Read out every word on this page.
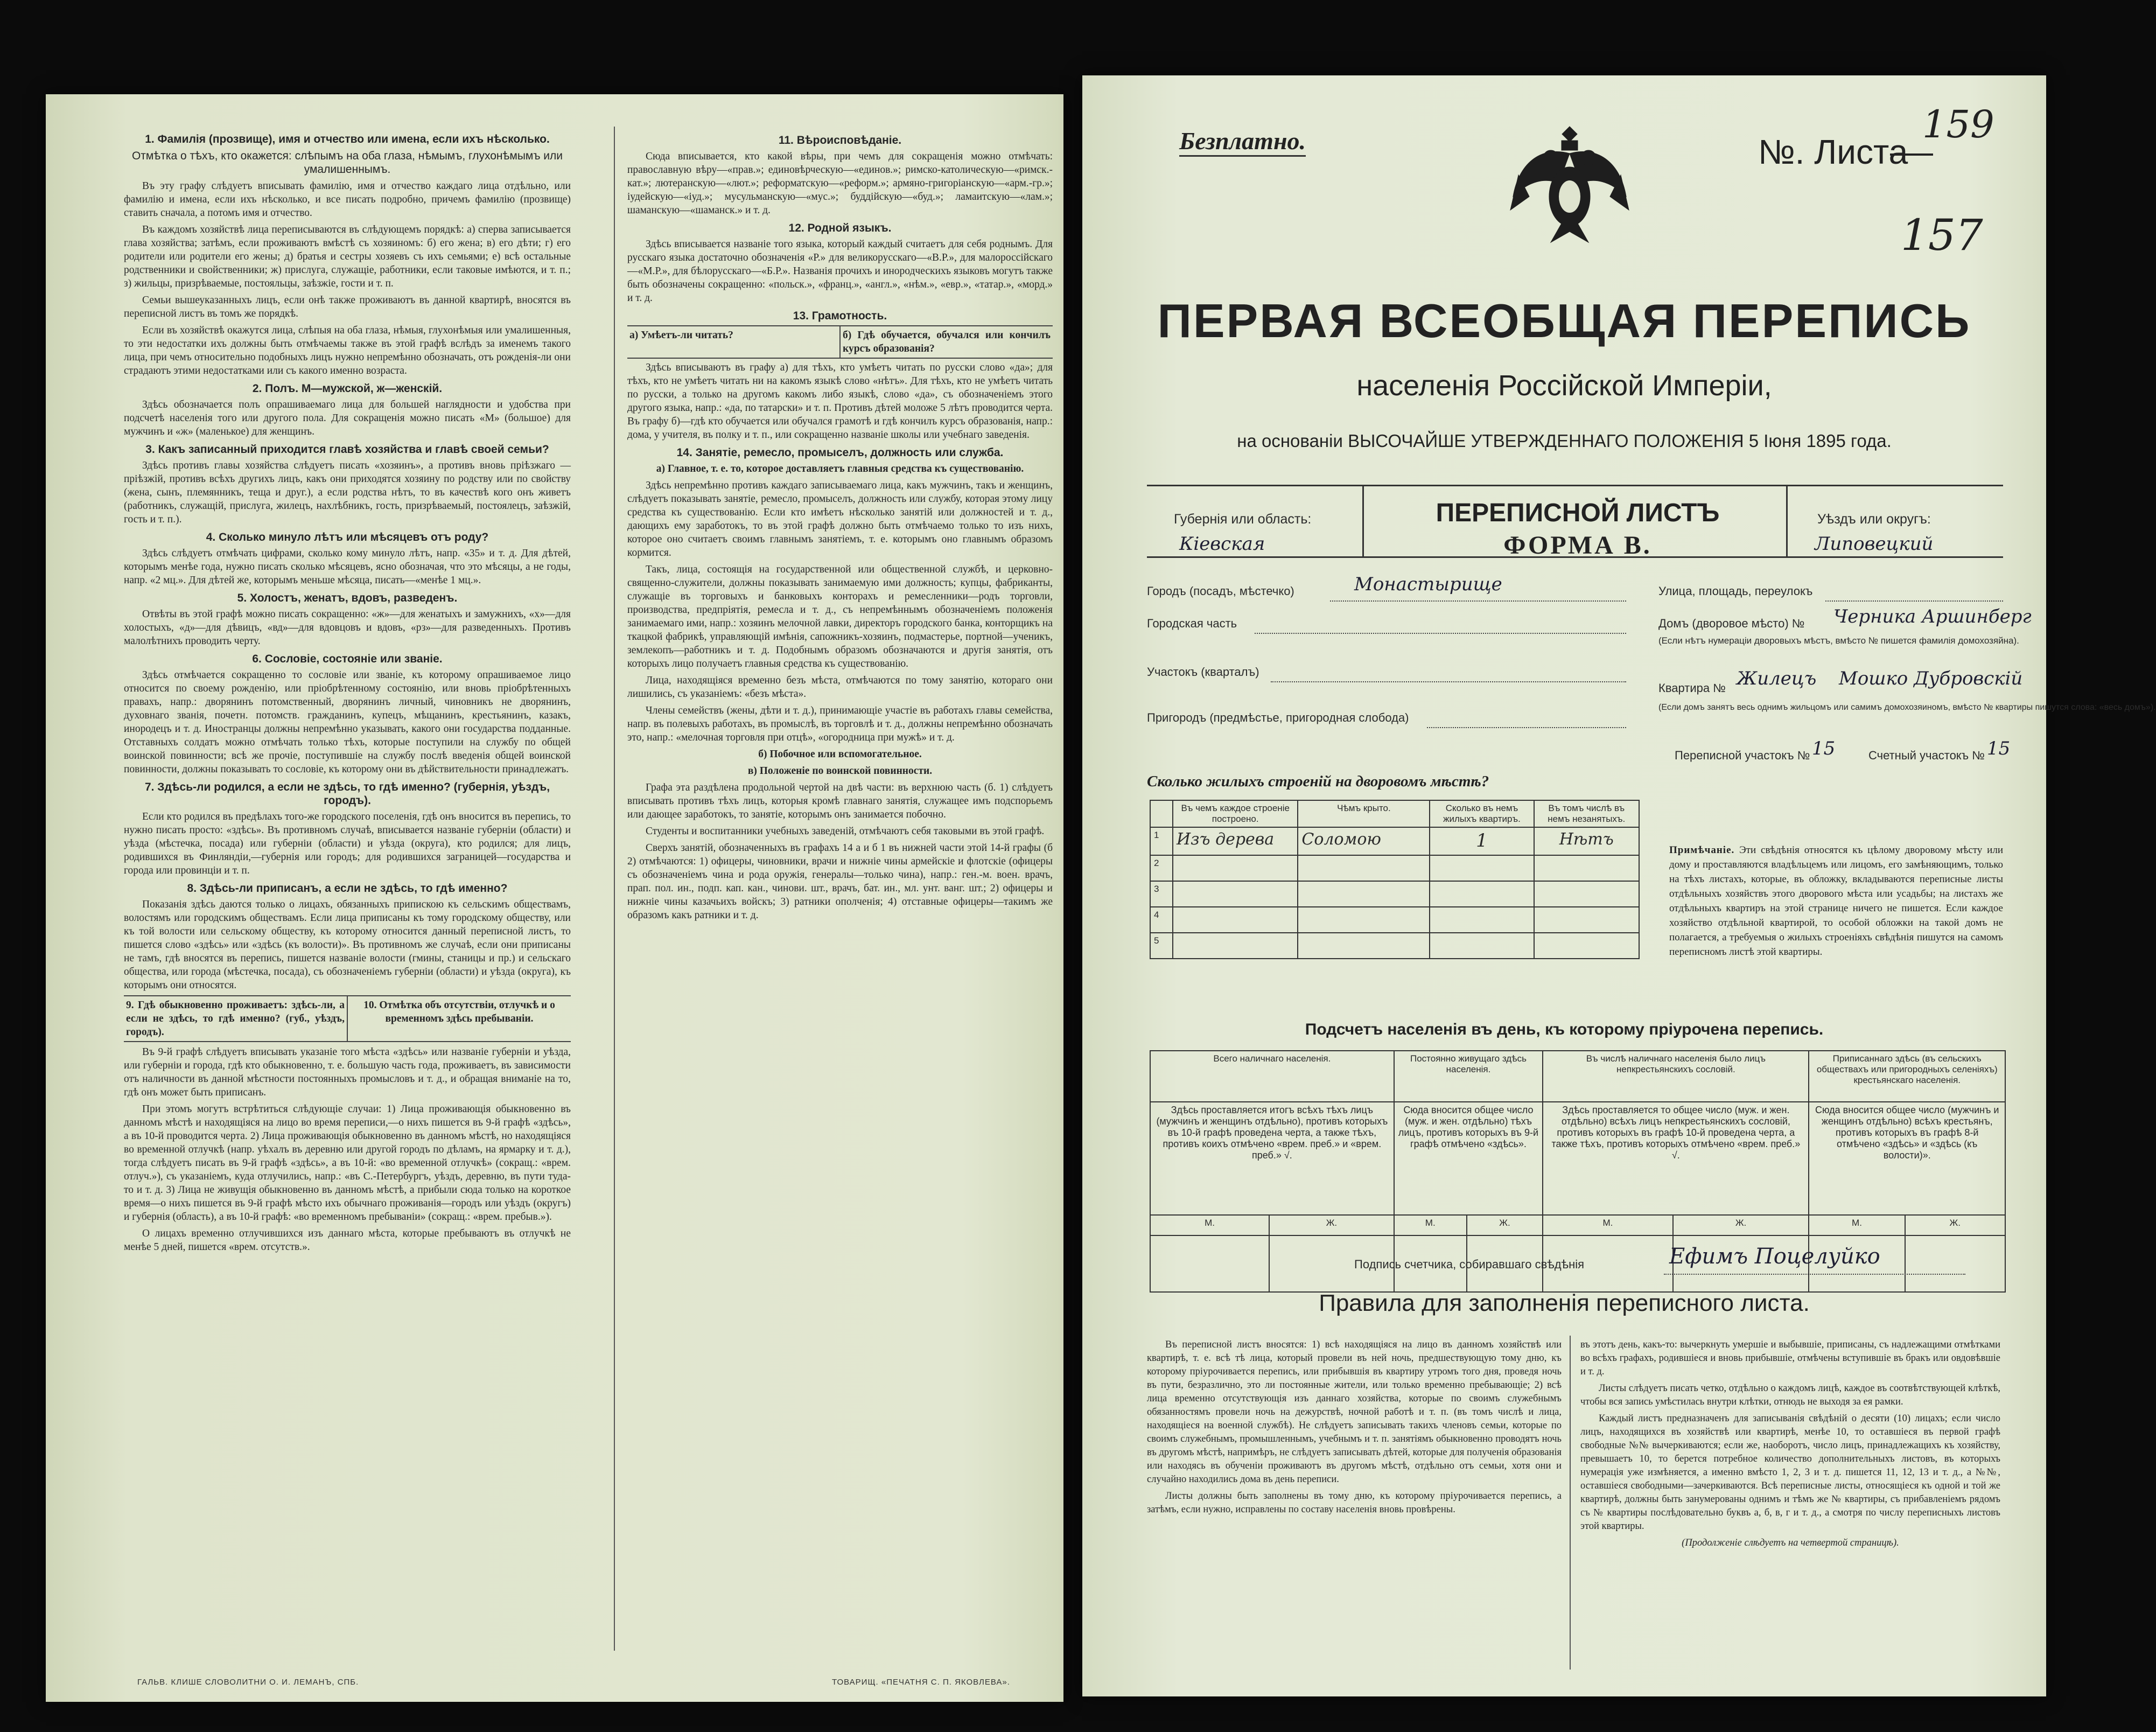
1. Фамилія (прозвище), имя и отчество или имена, если ихъ нѣсколько.
Отмѣтка о тѣхъ, кто окажется: слѣпымъ на оба глаза, нѣмымъ, глухонѣмымъ или умалишеннымъ.

Въ эту графу слѣдуетъ вписывать фамилію, имя и отчество каждаго лица отдѣльно, или фамилію и имена, если ихъ нѣсколько, и все писать подробно, причемъ фамилію (прозвище) ставить сначала, а потомъ имя и отчество.

Въ каждомъ хозяйствѣ лица переписываются въ слѣдующемъ порядкѣ: а) сперва записывается глава хозяйства; затѣмъ, если проживаютъ вмѣстѣ съ хозяиномъ: б) его жена; в) его дѣти; г) его родители или родители его жены; д) братья и сестры хозяевъ съ ихъ семьями; е) всѣ остальные родственники и свойственники; ж) прислуга, служащіе, работники, если таковые имѣются, и т. п.; з) жильцы, призрѣваемые, постояльцы, заѣзжіе, гости и т. п.

Семьи вышеуказанныхъ лицъ, если онѣ также проживаютъ въ данной квартирѣ, вносятся въ переписной листъ въ томъ же порядкѣ.

Если въ хозяйствѣ окажутся лица, слѣпыя на оба глаза, нѣмыя, глухонѣмыя или умалишенныя, то эти недостатки ихъ должны быть отмѣчаемы также въ этой графѣ вслѣдъ за именемъ такого лица, при чемъ относительно подобныхъ лицъ нужно непремѣнно обозначать, отъ рожденія-ли они страдаютъ этими недостатками или съ какого именно возраста.

2. Полъ. М—мужской, ж—женскій.

Здѣсь обозначается полъ опрашиваемаго лица для большей наглядности и удобства при подсчетѣ населенія того или другого пола. Для сокращенія можно писать «М» (большое) для мужчинъ и «ж» (маленькое) для женщинъ.

3. Какъ записанный приходится главѣ хозяйства и главѣ своей семьи?

Здѣсь противъ главы хозяйства слѣдуетъ писать «хозяинъ», а противъ вновь пріѣзжаго — пріѣзжій, противъ всѣхъ другихъ лицъ, какъ они приходятся хозяину по родству или по свойству (жена, сынъ, племянникъ, теща и друг.), а если родства нѣтъ, то въ качествѣ кого онъ живетъ (работникъ, служащій, прислуга, жилецъ, нахлѣбникъ, гость, призрѣваемый, постоялецъ, заѣзжій, гость и т. п.).

4. Сколько минуло лѣтъ или мѣсяцевъ отъ роду?

Здѣсь слѣдуетъ отмѣчать цифрами, сколько кому минуло лѣтъ, напр. «35» и т. д. Для дѣтей, которымъ менѣе года, нужно писать сколько мѣсяцевъ, ясно обозначая, что это мѣсяцы, а не годы, напр. «2 мц.». Для дѣтей же, которымъ меньше мѣсяца, писать—«менѣе 1 мц.».

5. Холостъ, женатъ, вдовъ, разведенъ.

Отвѣты въ этой графѣ можно писать сокращенно: «ж»—для женатыхъ и замужнихъ, «х»—для холостыхъ, «д»—для дѣвицъ, «вд»—для вдовцовъ и вдовъ, «рз»—для разведенныхъ. Противъ малолѣтнихъ проводить черту.

6. Сословіе, состояніе или званіе.

Здѣсь отмѣчается сокращенно то сословіе или званіе, къ которому опрашиваемое лицо относится по своему рожденію, или пріобрѣтенному состоянію, или вновь пріобрѣтенныхъ правахъ, напр.: дворянинъ потомственный, дворянинъ личный, чиновникъ не дворянинъ, духовнаго званія, почетн. потомств. гражданинъ, купецъ, мѣщанинъ, крестьянинъ, казакъ, инородецъ и т. д. Иностранцы должны непремѣнно указывать, какого они государства подданные. Отставныхъ солдатъ можно отмѣчать только тѣхъ, которые поступили на службу по общей воинской повинности; всѣ же прочіе, поступившіе на службу послѣ введенія общей воинской повинности, должны показывать то сословіе, къ которому они въ дѣйствительности принадлежатъ.

7. Здѣсь-ли родился, а если не здѣсь, то гдѣ именно? (губернія, уѣздъ, городъ).

Если кто родился въ предѣлахъ того-же городского поселенія, гдѣ онъ вносится въ перепись, то нужно писать просто: «здѣсь». Въ противномъ случаѣ, вписывается названіе губерніи (области) и уѣзда (мѣстечка, посада) или губерніи (области) и уѣзда (округа), кто родился; для лицъ, родившихся въ Финляндіи,—губернія или городъ; для родившихся заграницей—государства и города или провинціи и т. п.

8. Здѣсь-ли приписанъ, а если не здѣсь, то гдѣ именно?

Показанія здѣсь даются только о лицахъ, обязанныхъ припискою къ сельскимъ обществамъ, волостямъ или городскимъ обществамъ. Если лица приписаны къ тому городскому обществу, или къ той волости или сельскому обществу, къ которому относится данный переписной листъ, то пишется слово «здѣсь» или «здѣсь (къ волости)». Въ противномъ же случаѣ, если они приписаны не тамъ, гдѣ вносятся въ перепись, пишется названіе волости (гмины, станицы и пр.) и сельскаго общества, или города (мѣстечка, посада), съ обозначеніемъ губерніи (области) и уѣзда (округа), къ которымъ они относятся.

9. Гдѣ обыкновенно проживаетъ: здѣсь-ли, а если не здѣсь, то гдѣ именно? (губ., уѣздъ, городъ).
10. Отмѣтка объ отсутствіи, отлучкѣ и о временномъ здѣсь пребываніи.

Въ 9-й графѣ слѣдуетъ вписывать указаніе того мѣста «здѣсь» или названіе губерніи и уѣзда, или губерніи и города, гдѣ кто обыкновенно, т. е. большую часть года, проживаетъ, въ зависимости отъ наличности въ данной мѣстности постоянныхъ промысловъ и т. д., и обращая вниманіе на то, гдѣ онъ может быть приписанъ.

При этомъ могутъ встрѣтиться слѣдующіе случаи: 1) Лица проживающія обыкновенно въ данномъ мѣстѣ и находящіяся на лицо во время переписи,—о нихъ пишется въ 9-й графѣ «здѣсь», а въ 10-й проводится черта. 2) Лица проживающія обыкновенно въ данномъ мѣстѣ, но находящіяся во временной отлучкѣ (напр. уѣхалъ въ деревню или другой городъ по дѣламъ, на ярмарку и т. д.), тогда слѣдуетъ писать въ 9-й графѣ «здѣсь», а въ 10-й: «во временной отлучкѣ» (сокращ.: «врем. отлуч.»), съ указаніемъ, куда отлучились, напр.: «въ С.-Петербургъ, уѣздъ, деревню, въ пути туда-то и т. д. 3) Лица не живущія обыкновенно въ данномъ мѣстѣ, а прибыли сюда только на короткое время—о нихъ пишется въ 9-й графѣ мѣсто ихъ обычнаго проживанія—городъ или уѣздъ (округъ) и губернія (область), а въ 10-й графѣ: «во временномъ пребываніи» (сокращ.: «врем. пребыв.»).

О лицахъ временно отлучившихся изъ даннаго мѣста, которые пребываютъ въ отлучкѣ не менѣе 5 дней, пишется «врем. отсутств.».

11. Вѣроисповѣданіе.

Сюда вписывается, кто какой вѣры, при чемъ для сокращенія можно отмѣчать: православную вѣру—«прав.»; единовѣрческую—«единов.»; римско-католическую—«римск.-кат.»; лютеранскую—«лют.»; реформатскую—«реформ.»; армяно-григоріанскую—«арм.-гр.»; іудейскую—«іуд.»; мусульманскую—«мус.»; буддійскую—«буд.»; ламаитскую—«лам.»; шаманскую—«шаманск.» и т. д.

12. Родной языкъ.

Здѣсь вписывается названіе того языка, который каждый считаетъ для себя роднымъ. Для русскаго языка достаточно обозначенія «Р.» для великорусскаго—«В.Р.», для малороссійскаго—«М.Р.», для бѣлорусскаго—«Б.Р.». Названія прочихъ и инородческихъ языковъ могутъ также быть обозначены сокращенно: «польск.», «франц.», «англ.», «нѣм.», «евр.», «татар.», «морд.» и т. д.

13. Грамотность.
а) Умѣетъ-ли читать?	б) Гдѣ обучается, обучался или кончилъ курсъ образованія?

Здѣсь вписываютъ въ графу а) для тѣхъ, кто умѣетъ читать по русски слово «да»; для тѣхъ, кто не умѣетъ читать ни на какомъ языкѣ слово «нѣтъ». Для тѣхъ, кто не умѣетъ читать по русски, а только на другомъ какомъ либо языкѣ, слово «да», съ обозначеніемъ этого другого языка, напр.: «да, по татарски» и т. п. Противъ дѣтей моложе 5 лѣтъ проводится черта. Въ графу б)—гдѣ кто обучается или обучался грамотѣ и гдѣ кончилъ курсъ образованія, напр.: дома, у учителя, въ полку и т. п., или сокращенно названіе школы или учебнаго заведенія.

14. Занятіе, ремесло, промыселъ, должность или служба.

а) Главное, т. е. то, которое доставляетъ главныя средства къ существованію.

Здѣсь непремѣнно противъ каждаго записываемаго лица, какъ мужчинъ, такъ и женщинъ, слѣдуетъ показывать занятіе, ремесло, промыселъ, должность или службу, которая этому лицу средства къ существованію. Если кто имѣетъ нѣсколько занятій или должностей и т. д., дающихъ ему заработокъ, то въ этой графѣ должно быть отмѣчаемо только то изъ нихъ, которое оно считаетъ своимъ главнымъ занятіемъ, т. е. которымъ оно главнымъ образомъ кормится.

Такъ, лица, состоящія на государственной или общественной службѣ, и церковно-священно-служители, должны показывать занимаемую ими должность; купцы, фабриканты, служащіе въ торговыхъ и банковыхъ конторахъ и ремесленники—родъ торговли, производства, предпріятія, ремесла и т. д., съ непремѣннымъ обозначеніемъ положенія занимаемаго ими, напр.: хозяинъ мелочной лавки, директоръ городского банка, конторщикъ на ткацкой фабрикѣ, управляющій имѣнія, сапожникъ-хозяинъ, подмастерье, портной—ученикъ, землекопъ—работникъ и т. д. Подобнымъ образомъ обозначаются и другія занятія, отъ которыхъ лицо получаетъ главныя средства къ существованію.

Лица, находящіяся временно безъ мѣста, отмѣчаются по тому занятію, котораго они лишились, съ указаніемъ: «безъ мѣста».

Члены семействъ (жены, дѣти и т. д.), принимающіе участіе въ работахъ главы семейства, напр. въ полевыхъ работахъ, въ промыслѣ, въ торговлѣ и т. д., должны непремѣнно обозначать это, напр.: «мелочная торговля при отцѣ», «огородница при мужѣ» и т. д.

б) Побочное или вспомогательное.

в) Положеніе по воинской повинности.

Графа эта раздѣлена продольной чертой на двѣ части: въ верхнюю часть (б. 1) слѣдуетъ вписывать противъ тѣхъ лицъ, которыя кромѣ главнаго занятія, служащее имъ подспорьемъ или дающее заработокъ, то занятіе, которымъ онъ занимается побочно.

Студенты и воспитанники учебныхъ заведеній, отмѣчаютъ себя таковыми въ этой графѣ.

Сверхъ занятій, обозначенныхъ въ графахъ 14 а и б 1 въ нижней части этой 14-й графы (б 2) отмѣчаются: 1) офицеры, чиновники, врачи и нижніе чины армейскіе и флотскіе (офицеры съ обозначеніемъ чина и рода оружія, генералы—только чина), напр.: ген.-м. воен. врачъ, прап. пол. ин., подп. кап. кан., чинови. шт., врачъ, бат. ин., мл. унт. ванг. шт.; 2) офицеры и нижніе чины казачьихъ войскъ; 3) ратники ополченія; 4) отставные офицеры—такимъ же образомъ какъ ратники и т. д.

ГАЛЬВ. КЛИШЕ СЛОВОЛИТНИ О. И. ЛЕМАНЪ, СПБ.	ТОВАРИЩ. «ПЕЧАТНЯ С. П. ЯКОВЛЕВА».
Безплатно.	№. Листа
159
157
ПЕРВАЯ ВСЕОБЩАЯ ПЕРЕПИСЬ
населенія Россійской Имперіи,
на основаніи ВЫСОЧАЙШЕ УТВЕРЖДЕННАГО ПОЛОЖЕНІЯ 5 Іюня 1895 года.
Губернія или область:
Кіевская
ПЕРЕПИСНОЙ ЛИСТЪ
ФОРМА В.
Уѣздъ или округъ:
Липовецкий
Городъ (посадъ, мѣстечко)	Монастырище	Улица, площадь, переулокъ
Городская часть	Домъ (дворовое мѣсто) № Черника Аршинберг
(Если нѣтъ нумераціи дворовыхъ мѣстъ, вмѣсто № пишется фамилія домохозяйна).
Участокъ (кварталъ)
Квартира № Жилецъ Мошко Дубровскій
(Если домъ занятъ весь однимъ жильцомъ или самимъ домохозяиномъ, вмѣсто № квартиры пишутся слова: «весь домъ»).
Пригородъ (предмѣстье, пригородная слобода)
Переписной участокъ № 15	Счетный участокъ № 15
Сколько жилыхъ строеній на дворовомъ мѣстѣ?
	Въ чемъ каждое строеніе построено.	Чѣмъ крыто.	Сколько въ немъ жилыхъ квартиръ.	Въ томъ числѣ въ немъ незанятыхъ.
1	Изъ дерева	Соломою	1	Нѣтъ
2				
3				
4				
5				
Примѣчаніе. Эти свѣдѣнія относятся къ цѣлому дворовому мѣсту или дому и проставляются владѣльцемъ или лицомъ, его замѣняющимъ, только на тѣхъ листахъ, которые, въ обложку, вкладываются переписные листы отдѣльныхъ хозяйствъ этого дворового мѣста или усадьбы; на листахъ же отдѣльныхъ квартиръ на этой странице ничего не пишется. Если каждое хозяйство отдѣльной квартирой, то особой обложки на такой домъ не полагается, а требуемыя о жилыхъ строеніяхъ свѣдѣнія пишутся на самомъ переписномъ листѣ этой квартиры.
Подсчетъ населенія въ день, къ которому пріурочена перепись.
Всего наличнаго населенія.		Постоянно живущаго здѣсь населенія.		Въ числѣ наличнаго населенія было лицъ непкрестьянскихъ сословій.		Приписаннаго здѣсь (въ сельскихъ обществахъ или пригородныхъ селеніяхъ) крестьянскаго населенія.	
Здѣсь проставляется итогъ всѣхъ тѣхъ лицъ (мужчинъ и женщинъ отдѣльно), противъ которыхъ въ 10-й графѣ проведена черта, а также тѣхъ, противъ коихъ отмѣчено «врем. преб.» и «врем. преб.» √.		Сюда вносится общее число (муж. и жен. отдѣльно) тѣхъ лицъ, противъ которыхъ въ 9-й графѣ отмѣчено «здѣсь».		Здѣсь проставляется то общее число (муж. и жен. отдѣльно) всѣхъ лицъ непкрестьянскихъ сословій, противъ которыхъ въ графѣ 10-й проведена черта, а также тѣхъ, противъ которыхъ отмѣчено «врем. преб.» √.		Сюда вносится общее число (мужчинъ и женщинъ отдѣльно) всѣхъ крестьянъ, противъ которыхъ въ графѣ 8-й отмѣчено «здѣсь» и «здѣсь (къ волости)».	
М.	Ж.	М.	Ж.	М.	Ж.	М.	Ж.

Подпись счетчика, собиравшаго свѣдѣнія	Ефимъ Поцелуйко
Правила для заполненія переписного листа.

Въ переписной листъ вносятся: 1) всѣ находящіяся на лицо въ данномъ хозяйствѣ или квартирѣ, т. е. всѣ тѣ лица, который провели въ ней ночь, предшествующую тому дню, къ которому пріурочивается перепись, или прибывшія въ квартиру утромъ того дня, проведя ночь въ пути, безразлично, это ли постоянные жители, или только временно пребывающіе; 2) всѣ лица временно отсутствующія изъ даннаго хозяйства, которые по своимъ служебнымъ обязанностямъ провели ночь на дежурствѣ, ночной работѣ и т. п. (въ томъ числѣ и лица, находящіеся на военной службѣ). Не слѣдуетъ записывать такихъ членовъ семьи, которые по своимъ служебнымъ, промышленнымъ, учебнымъ и т. п. занятіямъ обыкновенно проводятъ ночь въ другомъ мѣстѣ, напримѣръ, не слѣдуетъ записывать дѣтей, которые для полученія образованія или находясь въ обученіи проживаютъ въ другомъ мѣстѣ, отдѣльно отъ семьи, хотя они и случайно находились дома въ день переписи.

Листы должны быть заполнены въ тому дню, къ которому пріурочивается перепись, а затѣмъ, если нужно, исправлены по составу населенія вновь провѣрены.

въ этотъ день, какъ-то: вычеркнуть умершіе и выбывшіе, приписаны, съ надлежащими отмѣтками во всѣхъ графахъ, родившіеся и вновь прибывшіе, отмѣчены вступившіе въ бракъ или овдовѣвшіе и т. д.

Листы слѣдуетъ писать четко, отдѣльно о каждомъ лицѣ, каждое въ соотвѣтствующей клѣткѣ, чтобы вся запись умѣстилась внутри клѣтки, отнюдь не выходя за ея рамки.

Каждый листъ предназначенъ для записыванія свѣдѣній о десяти (10) лицахъ; если число лицъ, находящихся въ хозяйствѣ или квартирѣ, менѣе 10, то оставшіеся въ первой графѣ свободные №№ вычеркиваются; если же, наоборотъ, число лицъ, принадлежащихъ къ хозяйству, превышаетъ 10, то берется потребное количество дополнительныхъ листовъ, въ которыхъ нумерація уже измѣняется, а именно вмѣсто 1, 2, 3 и т. д. пишется 11, 12, 13 и т. д., а №№, оставшіеся свободными—зачеркиваются. Всѣ переписные листы, относящіеся къ одной и той же квартирѣ, должны быть занумерованы однимъ и тѣмъ же № квартиры, съ прибавленіемъ рядомъ съ № квартиры послѣдовательно буквъ а, б, в, г и т. д., а смотря по числу переписныхъ листовъ этой квартиры.

(Продолженіе слѣдуетъ на четвертой страницѣ).
